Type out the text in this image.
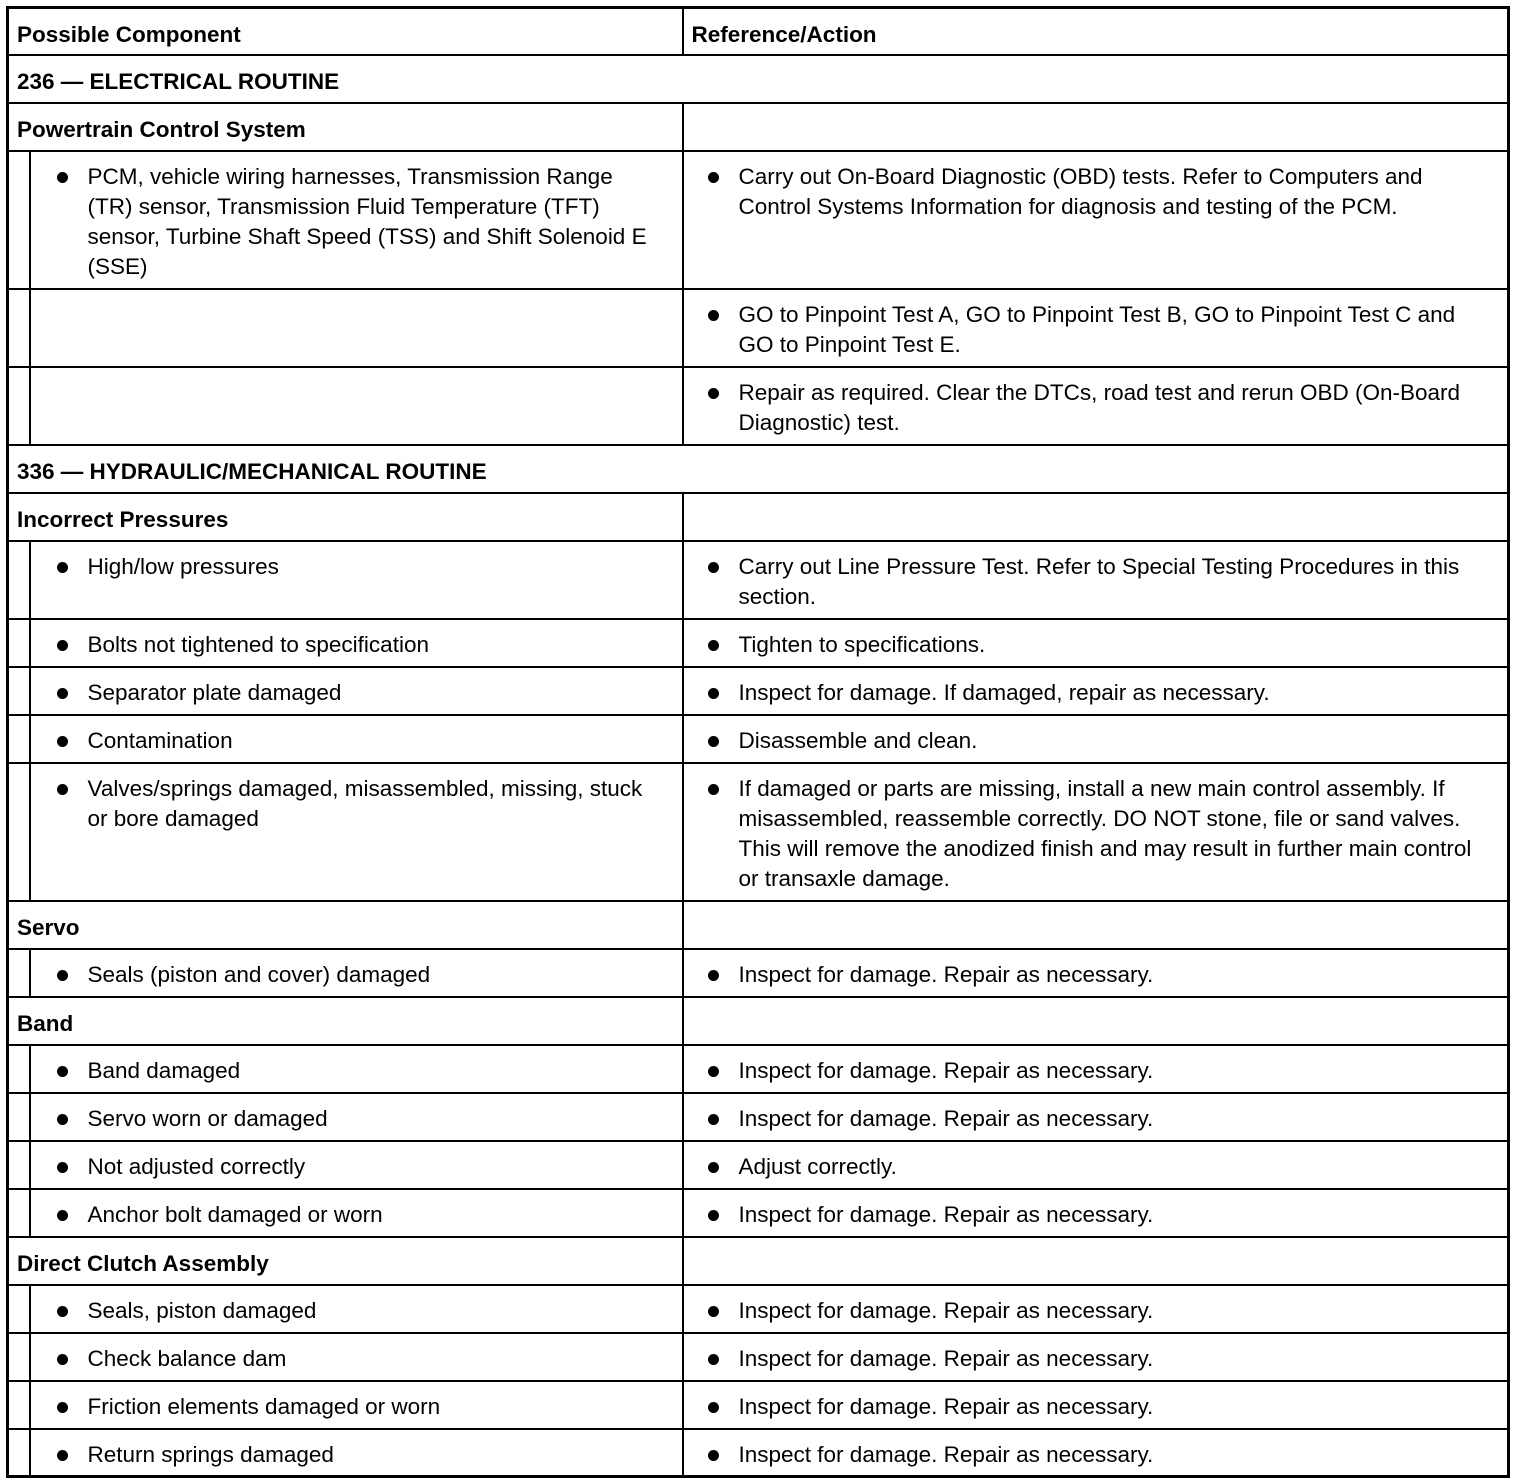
Possible Component		Reference/Action
236 — ELECTRICAL ROUTINE		
Powertrain Control System		

	PCM, vehicle wiring harnesses, Transmission Range (TR) sensor, Transmission Fluid Temperature (TFT) sensor, Turbine Shaft Speed (TSS) and Shift Solenoid E (SSE)	Carry out On-Board Diagnostic (OBD) tests. Refer to Computers and Control Systems Information for diagnosis and testing of the PCM.

		GO to Pinpoint Test A, GO to Pinpoint Test B, GO to Pinpoint Test C and GO to Pinpoint Test E.

		Repair as required. Clear the DTCs, road test and rerun OBD (On-Board Diagnostic) test.

336 — HYDRAULIC/MECHANICAL ROUTINE		
Incorrect Pressures		

	High/low pressures	Carry out Line Pressure Test. Refer to Special Testing Procedures in this section.

	Bolts not tightened to specification	Tighten to specifications.

	Separator plate damaged	Inspect for damage. If damaged, repair as necessary.

	Contamination	Disassemble and clean.

	Valves/springs damaged, misassembled, missing, stuck or bore damaged	If damaged or parts are missing, install a new main control assembly. If misassembled, reassemble correctly. DO NOT stone, file or sand valves. This will remove the anodized finish and may result in further main control or transaxle damage.

Servo		

	Seals (piston and cover) damaged	Inspect for damage. Repair as necessary.

Band		

	Band damaged	Inspect for damage. Repair as necessary.

	Servo worn or damaged	Inspect for damage. Repair as necessary.

	Not adjusted correctly	Adjust correctly.

	Anchor bolt damaged or worn	Inspect for damage. Repair as necessary.

Direct Clutch Assembly		

	Seals, piston damaged	Inspect for damage. Repair as necessary.

	Check balance dam	Inspect for damage. Repair as necessary.

	Friction elements damaged or worn	Inspect for damage. Repair as necessary.

	Return springs damaged	Inspect for damage. Repair as necessary.
